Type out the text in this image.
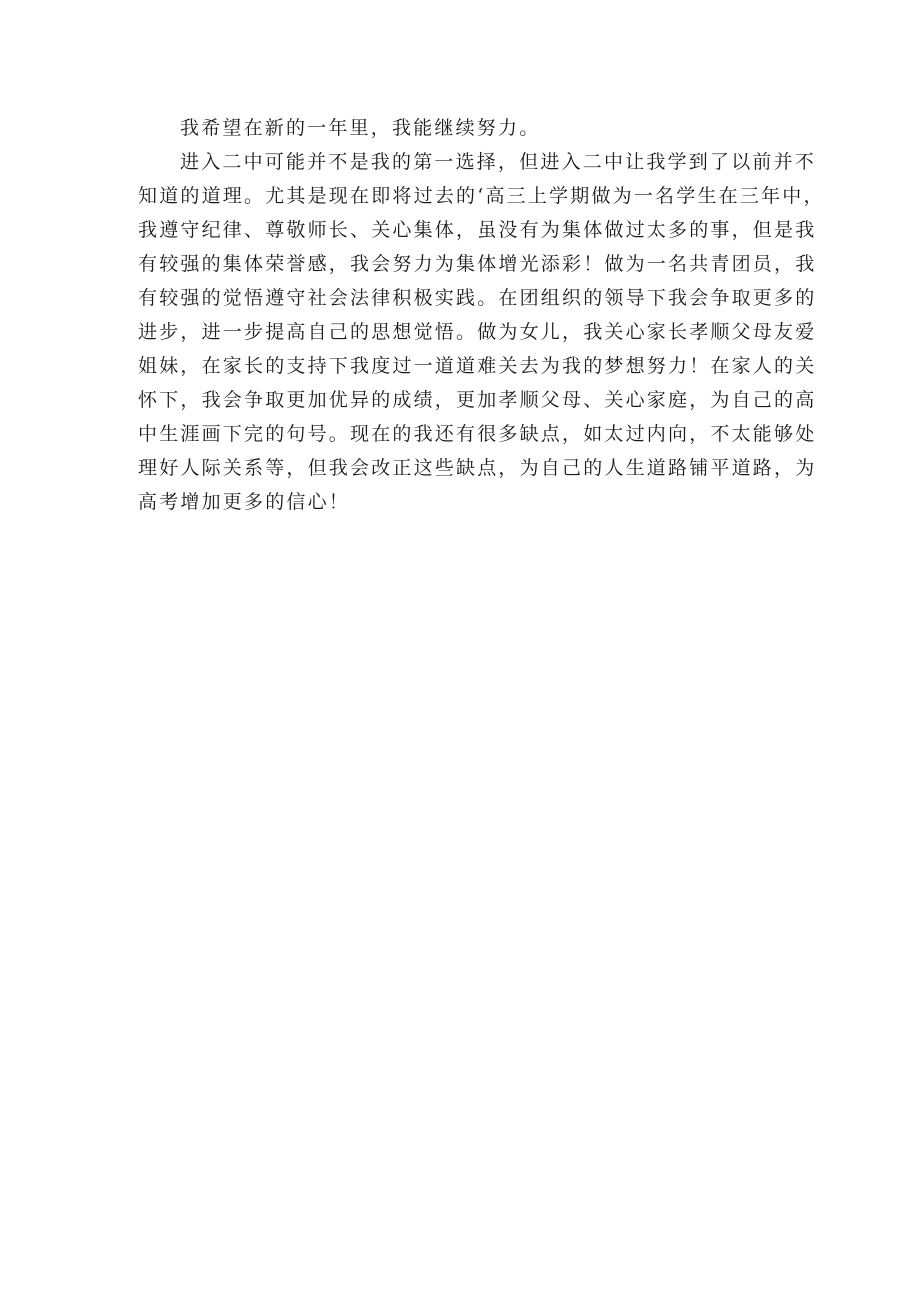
我希望在新的一年里，我能继续努力。
进入二中可能并不是我的第一选择，但进入二中让我学到了以前并不
知道的道理。尤其是现在即将过去的‘高三上学期做为一名学生在三年中，
我遵守纪律、尊敬师长、关心集体，虽没有为集体做过太多的事，但是我
有较强的集体荣誉感，我会努力为集体增光添彩！做为一名共青团员，我
有较强的觉悟遵守社会法律积极实践。在团组织的领导下我会争取更多的
进步，进一步提高自己的思想觉悟。做为女儿，我关心家长孝顺父母友爱
姐妹，在家长的支持下我度过一道道难关去为我的梦想努力！在家人的关
怀下，我会争取更加优异的成绩，更加孝顺父母、关心家庭，为自己的高
中生涯画下完的句号。现在的我还有很多缺点，如太过内向，不太能够处
理好人际关系等，但我会改正这些缺点，为自己的人生道路铺平道路，为
高考增加更多的信心！
